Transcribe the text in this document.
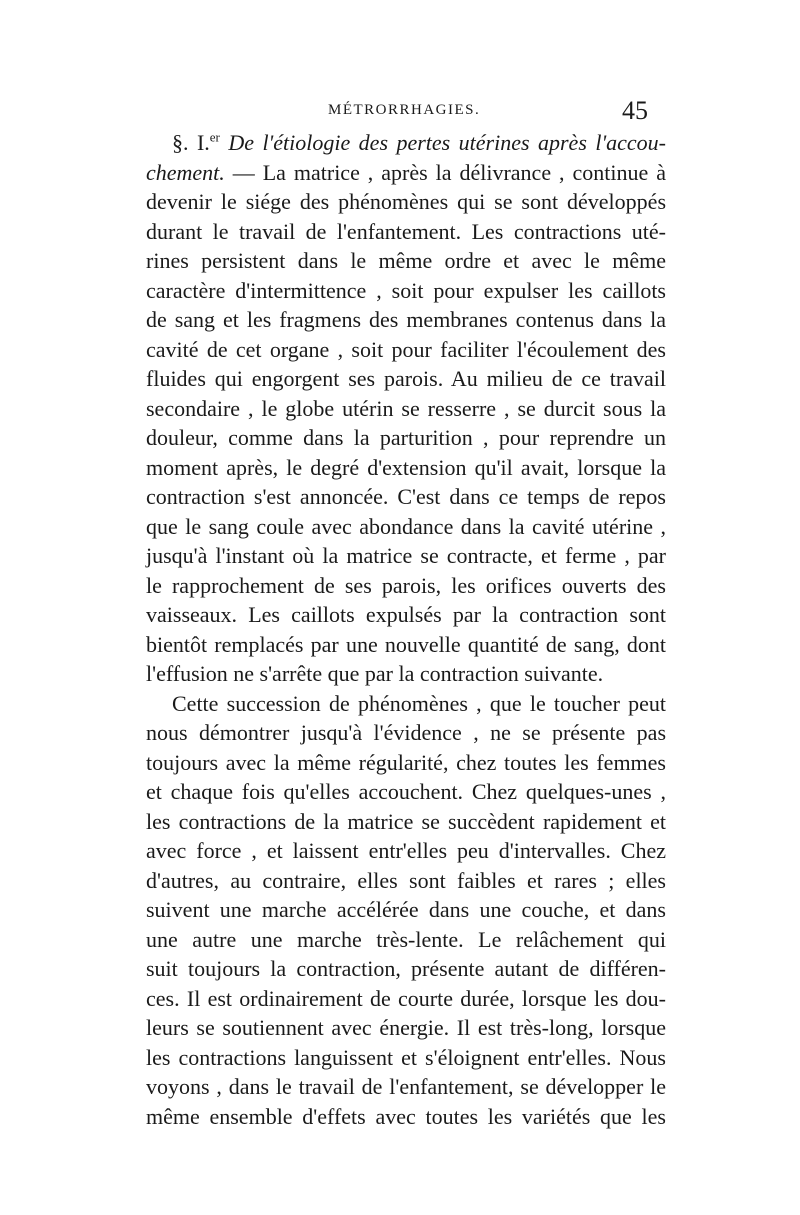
MÉTRORRHAGIES.	45
§. I.$^{er}$ De l'étiologie des pertes utérines après l'accou-
chement. — La matrice , après la délivrance , continue à
devenir le siége des phénomènes qui se sont développés
durant le travail de l'enfantement. Les contractions uté-
rines persistent dans le même ordre et avec le même
caractère d'intermittence , soit pour expulser les caillots
de sang et les fragmens des membranes contenus dans la
cavité de cet organe , soit pour faciliter l'écoulement des
fluides qui engorgent ses parois. Au milieu de ce travail
secondaire , le globe utérin se resserre , se durcit sous la
douleur, comme dans la parturition , pour reprendre un
moment après, le degré d'extension qu'il avait, lorsque la
contraction s'est annoncée. C'est dans ce temps de repos
que le sang coule avec abondance dans la cavité utérine ,
jusqu'à l'instant où la matrice se contracte, et ferme , par
le rapprochement de ses parois, les orifices ouverts des
vaisseaux. Les caillots expulsés par la contraction sont
bientôt remplacés par une nouvelle quantité de sang, dont
l'effusion ne s'arrête que par la contraction suivante.
Cette succession de phénomènes , que le toucher peut
nous démontrer jusqu'à l'évidence , ne se présente pas
toujours avec la même régularité, chez toutes les femmes
et chaque fois qu'elles accouchent. Chez quelques-unes ,
les contractions de la matrice se succèdent rapidement et
avec force , et laissent entr'elles peu d'intervalles. Chez
d'autres, au contraire, elles sont faibles et rares ; elles
suivent une marche accélérée dans une couche, et dans
une autre une marche très-lente. Le relâchement qui
suit toujours la contraction, présente autant de différen-
ces. Il est ordinairement de courte durée, lorsque les dou-
leurs se soutiennent avec énergie. Il est très-long, lorsque
les contractions languissent et s'éloignent entr'elles. Nous
voyons , dans le travail de l'enfantement, se développer le
même ensemble d'effets avec toutes les variétés que les
